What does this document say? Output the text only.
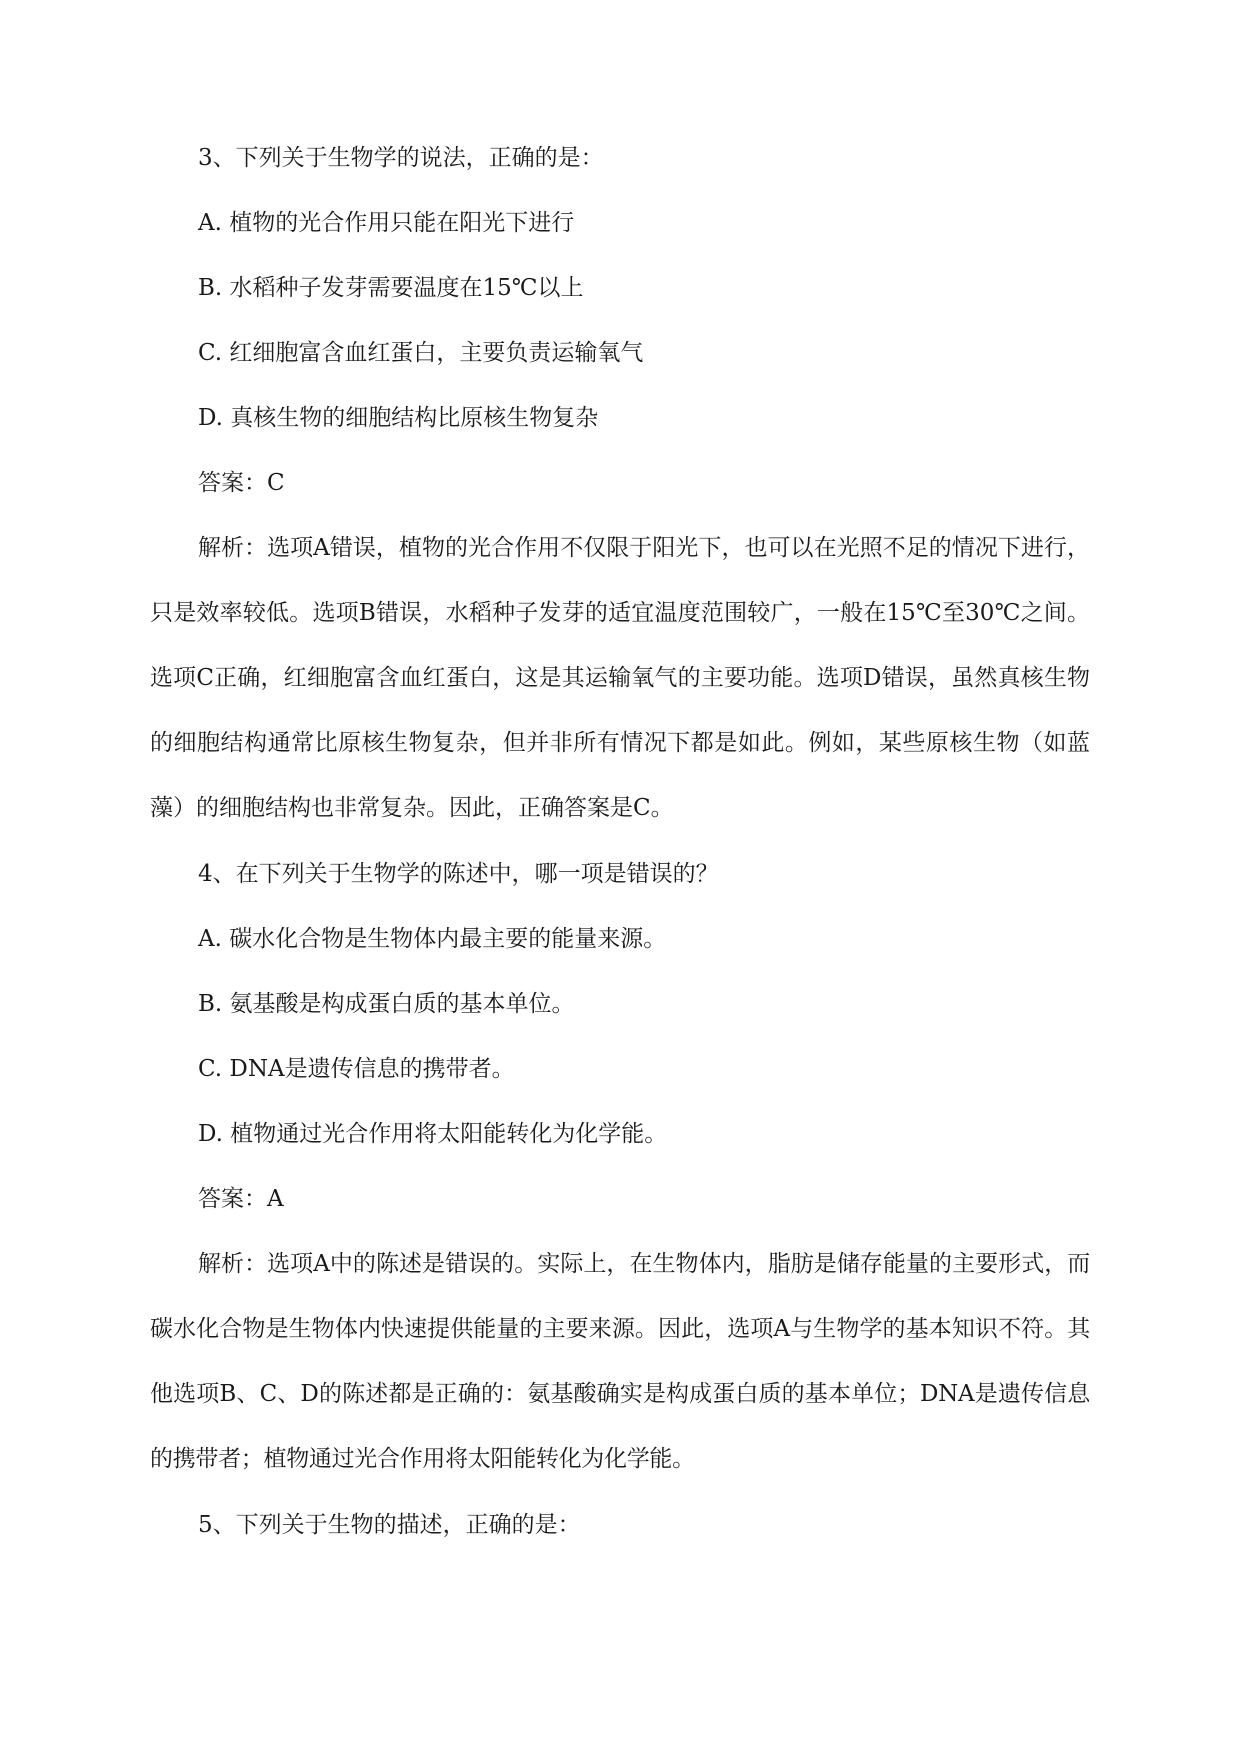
3、下列关于生物学的说法，正确的是：
A. 植物的光合作用只能在阳光下进行
B. 水稻种子发芽需要温度在15℃以上
C. 红细胞富含血红蛋白，主要负责运输氧气
D. 真核生物的细胞结构比原核生物复杂
答案：C
解析：选项A错误，植物的光合作用不仅限于阳光下，也可以在光照不足的情况下进行，只是效率较低。选项B错误，水稻种子发芽的适宜温度范围较广，一般在15℃至30℃之间。选项C正确，红细胞富含血红蛋白，这是其运输氧气的主要功能。选项D错误，虽然真核生物的细胞结构通常比原核生物复杂，但并非所有情况下都是如此。例如，某些原核生物（如蓝藻）的细胞结构也非常复杂。因此，正确答案是C。
4、在下列关于生物学的陈述中，哪一项是错误的？
A. 碳水化合物是生物体内最主要的能量来源。
B. 氨基酸是构成蛋白质的基本单位。
C. DNA是遗传信息的携带者。
D. 植物通过光合作用将太阳能转化为化学能。
答案：A
解析：选项A中的陈述是错误的。实际上，在生物体内，脂肪是储存能量的主要形式，而碳水化合物是生物体内快速提供能量的主要来源。因此，选项A与生物学的基本知识不符。其他选项B、C、D的陈述都是正确的：氨基酸确实是构成蛋白质的基本单位；DNA是遗传信息的携带者；植物通过光合作用将太阳能转化为化学能。
5、下列关于生物的描述，正确的是：
